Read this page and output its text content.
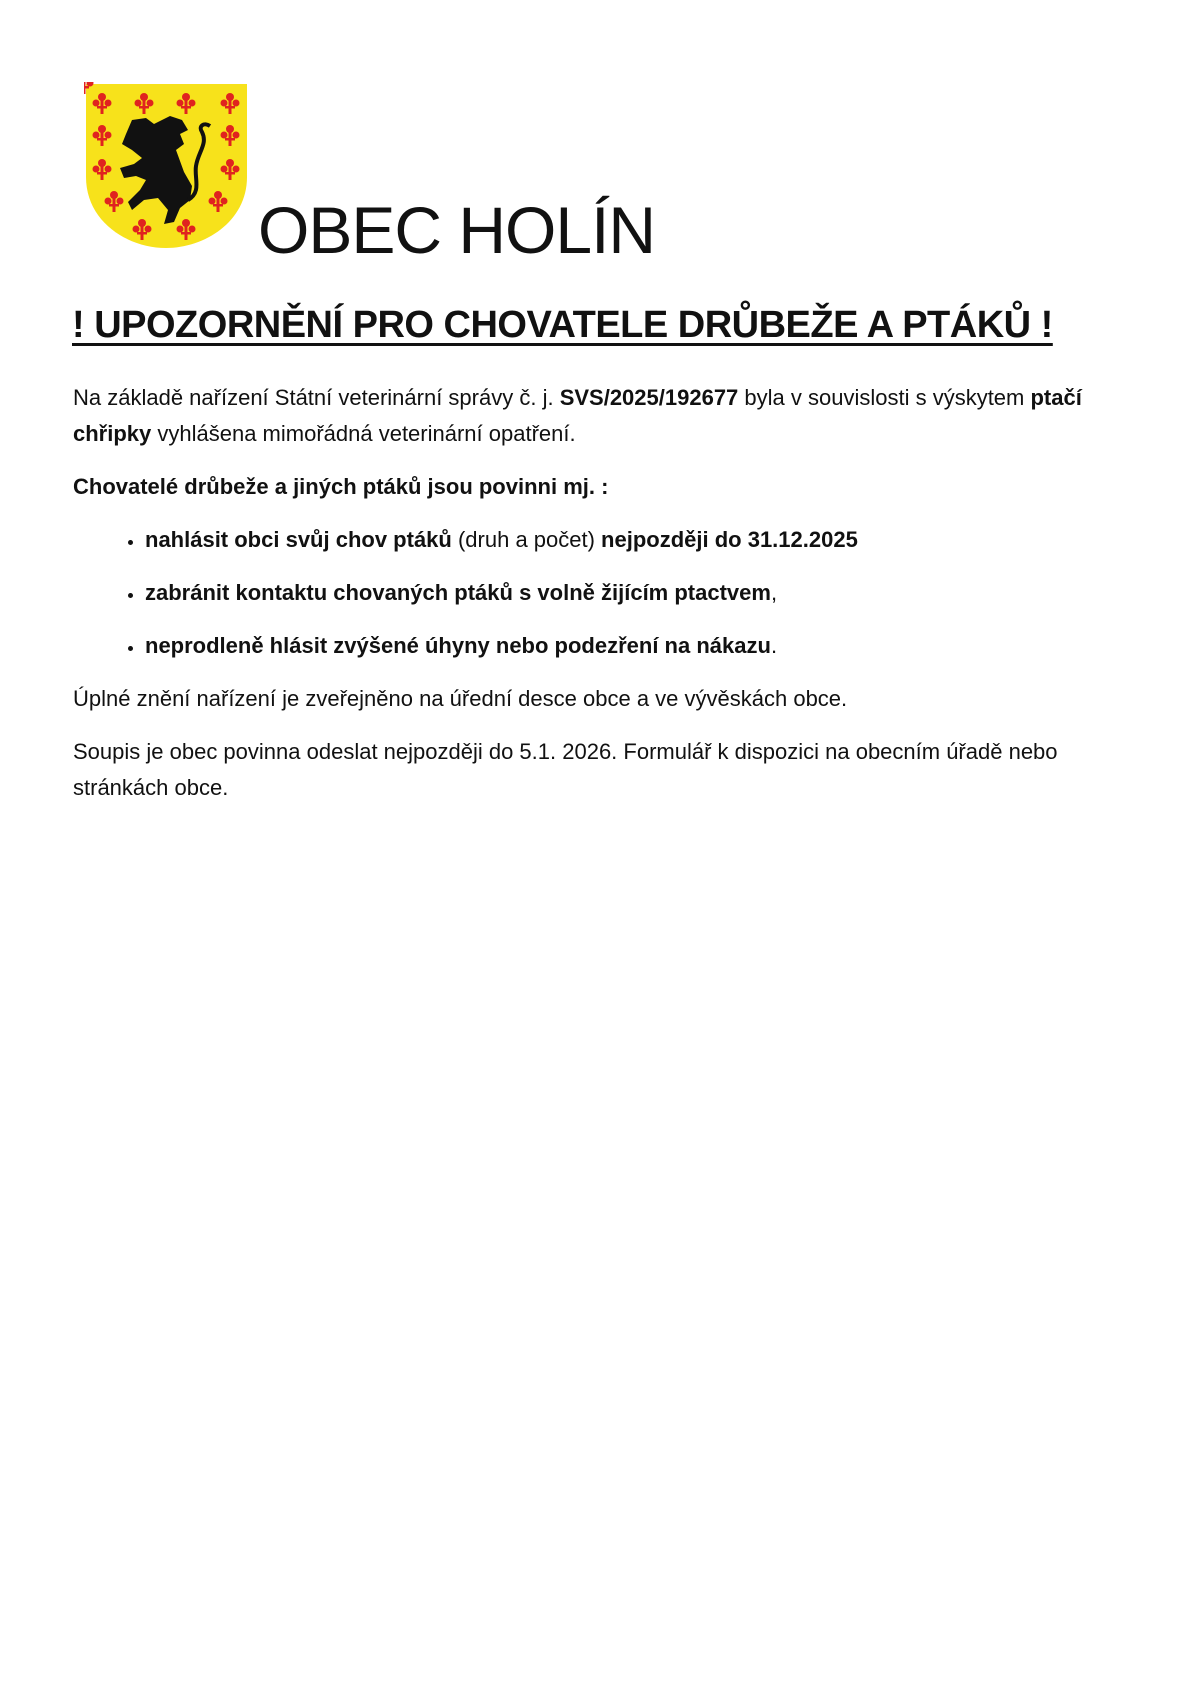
OBEC HOLÍN
! UPOZORNĚNÍ PRO CHOVATELE DRŮBEŽE A PTÁKŮ !

Na základě nařízení Státní veterinární správy č. j. SVS/2025/192677 byla v souvislosti s výskytem ptačí chřipky vyhlášena mimořádná veterinární opatření.

Chovatelé drůbeže a jiných ptáků jsou povinni mj. :

• nahlásit obci svůj chov ptáků (druh a počet) nejpozději do 31.12.2025
• zabránit kontaktu chovaných ptáků s volně žijícím ptactvem,
• neprodleně hlásit zvýšené úhyny nebo podezření na nákazu.

Úplné znění nařízení je zveřejněno na úřední desce obce a ve vývěskách obce.

Soupis je obec povinna odeslat nejpozději do 5.1. 2026. Formulář k dispozici na obecním úřadě nebo stránkách obce.
